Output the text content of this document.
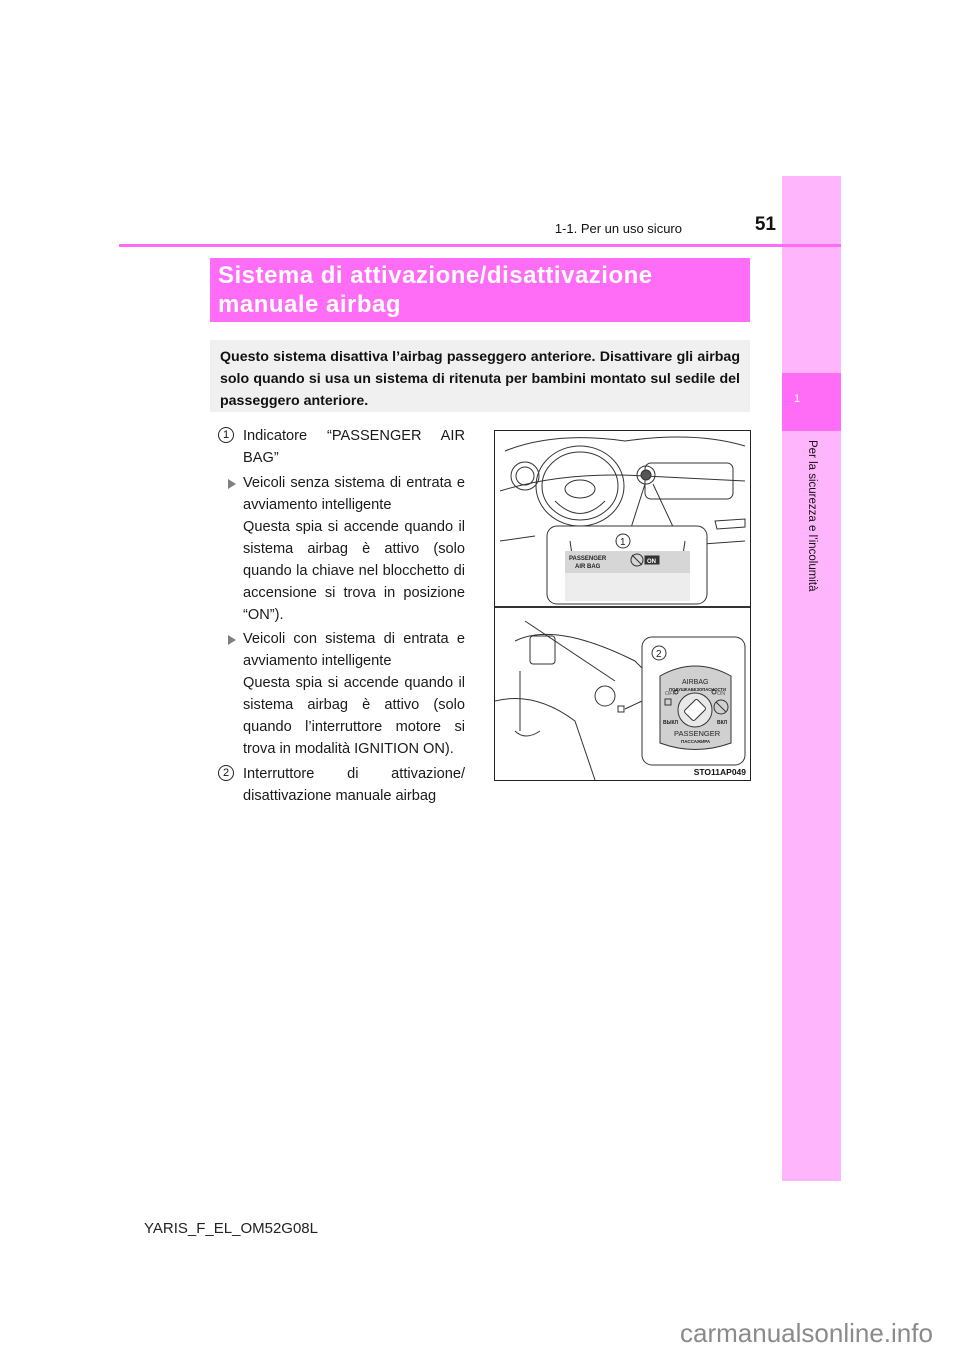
1
Per la sicurezza e l’incolumità
1-1. Per un uso sicuro	51
Sistema di attivazione/disattivazione
manuale airbag
Questo sistema disattiva l’airbag passeggero anteriore. Disattivare gli airbag solo quando si usa un sistema di ritenuta per bambini montato sul sedile del passeggero anteriore.
1 Indicatore “PASSENGER AIR
BAG”
Veicoli senza sistema di entrata e avviamento intelligente
Questa spia si accende quando il sistema airbag è attivo (solo quando la chiave nel blocchetto di accensione si trova in posizione “ON”).
Veicoli con sistema di entrata e avviamento intelligente
Questa spia si accende quando il sistema airbag è attivo (solo quando l’interruttore motore si trova in modalità IGNITION ON).
2 Interruttore di attivazione/
disattivazione manuale airbag
1
PASSENGER
AIR BAG
ON
2
AIRBAG
ПОДУШКАБЕЗОПАСНОСТИ
OFF	ON
ВЫКЛ	ВКЛ
PASSENGER
ПАССАЖИРА
STO11AP049
YARIS_F_EL_OM52G08L
carmanualsonline.info
